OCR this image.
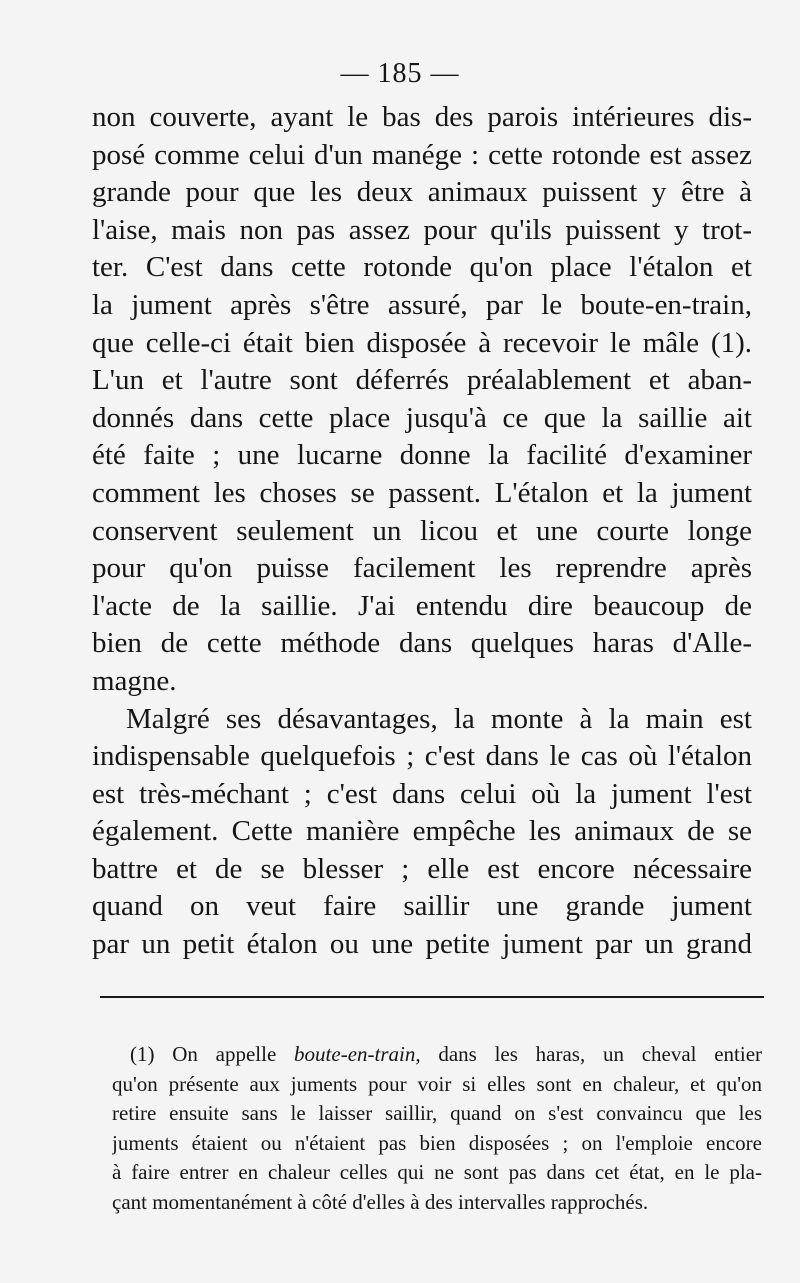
— 185 —
non couverte, ayant le bas des parois intérieures dis-
posé comme celui d'un manége : cette rotonde est assez
grande pour que les deux animaux puissent y être à
l'aise, mais non pas assez pour qu'ils puissent y trot-
ter. C'est dans cette rotonde qu'on place l'étalon et
la jument après s'être assuré, par le boute-en-train,
que celle-ci était bien disposée à recevoir le mâle (1).
L'un et l'autre sont déferrés préalablement et aban-
donnés dans cette place jusqu'à ce que la saillie ait
été faite ; une lucarne donne la facilité d'examiner
comment les choses se passent. L'étalon et la jument
conservent seulement un licou et une courte longe
pour qu'on puisse facilement les reprendre après
l'acte de la saillie. J'ai entendu dire beaucoup de
bien de cette méthode dans quelques haras d'Alle-
magne.
Malgré ses désavantages, la monte à la main est
indispensable quelquefois ; c'est dans le cas où l'étalon
est très-méchant ; c'est dans celui où la jument l'est
également. Cette manière empêche les animaux de se
battre et de se blesser ; elle est encore nécessaire
quand on veut faire saillir une grande jument
par un petit étalon ou une petite jument par un grand
(1) On appelle boute-en-train, dans les haras, un cheval entier
qu'on présente aux juments pour voir si elles sont en chaleur, et qu'on
retire ensuite sans le laisser saillir, quand on s'est convaincu que les
juments étaient ou n'étaient pas bien disposées ; on l'emploie encore
à faire entrer en chaleur celles qui ne sont pas dans cet état, en le pla-
çant momentanément à côté d'elles à des intervalles rapprochés.
